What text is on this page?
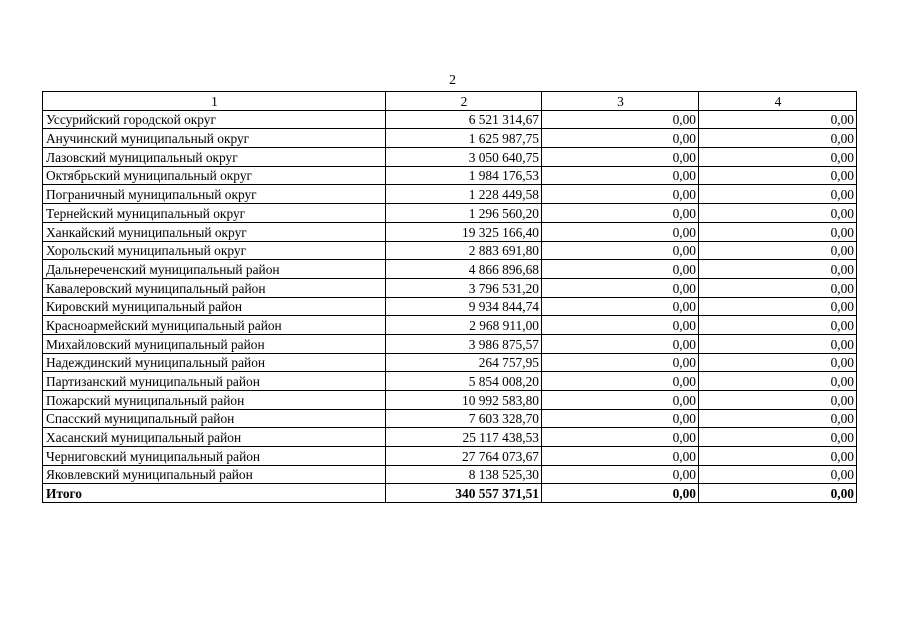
2
1	2	3	4
Уссурийский городской округ	6 521 314,67	0,00	0,00
Анучинский муниципальный округ	1 625 987,75	0,00	0,00
Лазовский муниципальный округ	3 050 640,75	0,00	0,00
Октябрьский муниципальный округ	1 984 176,53	0,00	0,00
Пограничный муниципальный округ	1 228 449,58	0,00	0,00
Тернейский муниципальный округ	1 296 560,20	0,00	0,00
Ханкайский муниципальный округ	19 325 166,40	0,00	0,00
Хорольский муниципальный округ	2 883 691,80	0,00	0,00
Дальнереченский муниципальный район	4 866 896,68	0,00	0,00
Кавалеровский муниципальный район	3 796 531,20	0,00	0,00
Кировский муниципальный район	9 934 844,74	0,00	0,00
Красноармейский муниципальный район	2 968 911,00	0,00	0,00
Михайловский муниципальный район	3 986 875,57	0,00	0,00
Надеждинский муниципальный район	264 757,95	0,00	0,00
Партизанский муниципальный район	5 854 008,20	0,00	0,00
Пожарский муниципальный район	10 992 583,80	0,00	0,00
Спасский муниципальный район	7 603 328,70	0,00	0,00
Хасанский муниципальный район	25 117 438,53	0,00	0,00
Черниговский муниципальный район	27 764 073,67	0,00	0,00
Яковлевский муниципальный район	8 138 525,30	0,00	0,00
Итого	340 557 371,51	0,00	0,00
